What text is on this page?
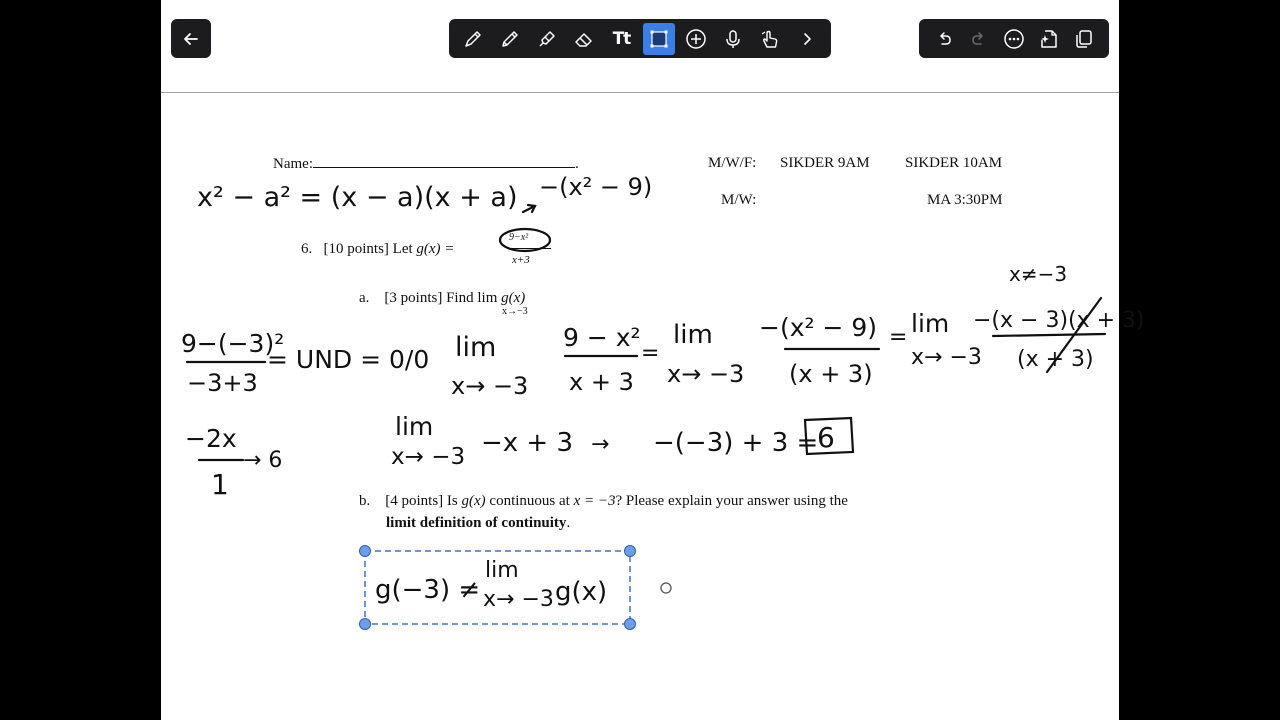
Name:	.	M/W/F: SIKDER 9AM SIKDER 10AM
M/W:	MA 3:30PM
6. [10 points] Let g(x) =
9−x²
x+3
a. [3 points] Find lim g(x)
x→−3
b. [4 points] Is g(x) continuous at x = −3? Please explain your answer using the
limit definition of continuity.
x² − a² = (x − a)(x + a) −(x² − 9)
x≠−3
9−(−3)²
−3+3
= UND = 0/0 lim
x→ −3
9 − x²
x + 3
=
lim
x→ −3
−(x² − 9)
(x + 3)
= lim
x→ −3
−(x − 3)(x + 3)
(x + 3)
−2x
1
→ 6
lim
x→ −3 −x + 3 → −(−3) + 3 =
6
g(−3) ≠
lim
x→ −3 g(x)
Tt
